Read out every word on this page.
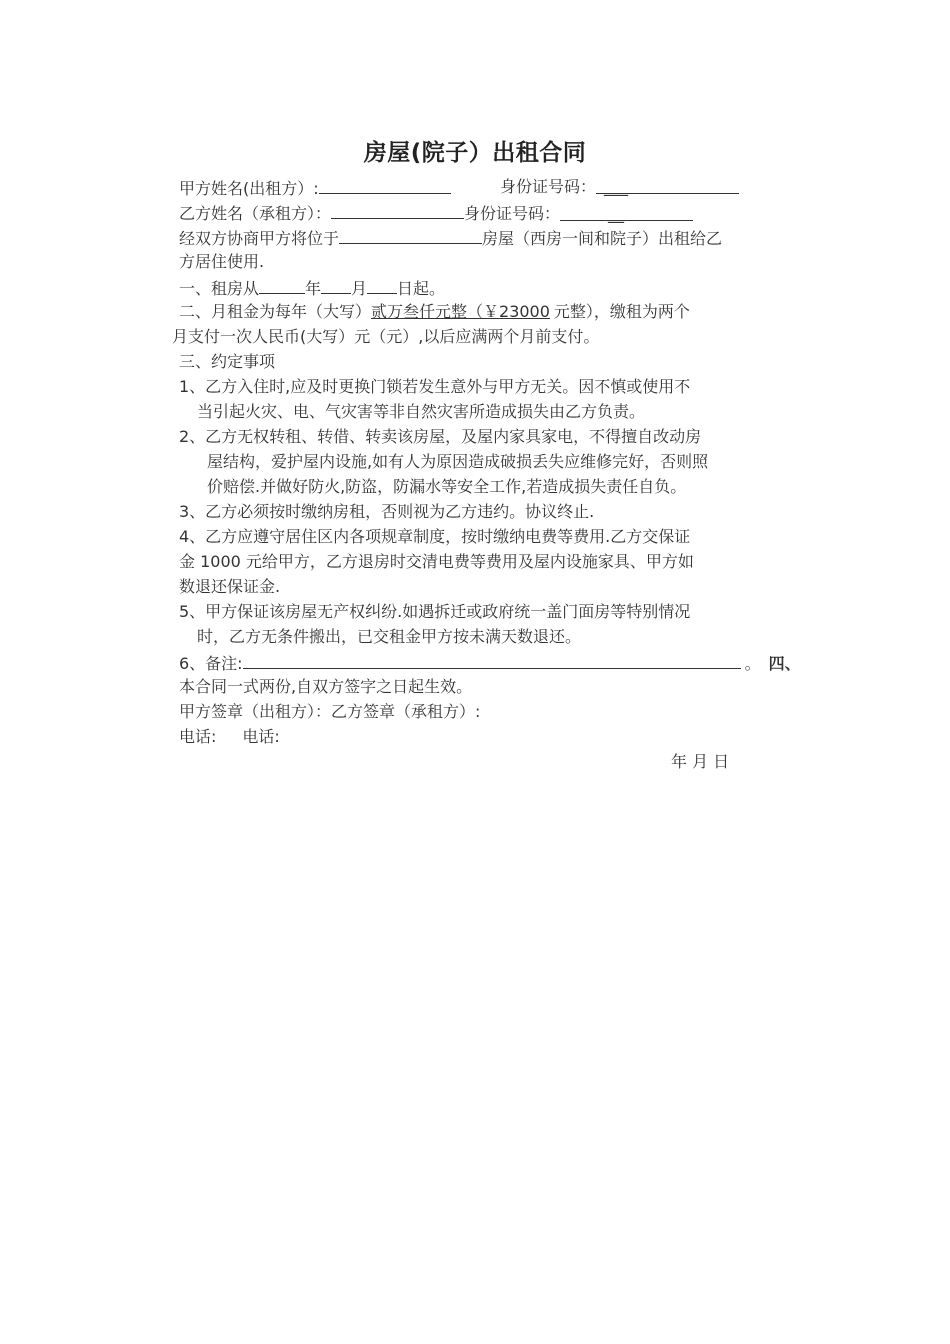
房屋(院子）出租合同
甲方姓名(出租方）:	身份证号码： ___
乙方姓名（承租方）：	身份证号码：	__
经双方协商甲方将位于	房屋（西房一间和院子）出租给乙
方居住使用.
一、租房从	年 月 日起。
二、月租金为每年（大写）贰万叁仟元整（￥23000 元整），缴租为两个
月支付一次人民币(大写）元（元）,以后应满两个月前支付。
三、约定事项
1、乙方入住时,应及时更换门锁若发生意外与甲方无关。因不慎或使用不
当引起火灾、电、气灾害等非自然灾害所造成损失由乙方负责。
2、乙方无权转租、转借、转卖该房屋，及屋内家具家电，不得擅自改动房
屋结构，爱护屋内设施,如有人为原因造成破损丢失应维修完好，否则照
价赔偿.并做好防火,防盗，防漏水等安全工作,若造成损失责任自负。
3、乙方必须按时缴纳房租，否则视为乙方违约。协议终止.
4、乙方应遵守居住区内各项规章制度，按时缴纳电费等费用.乙方交保证
金 1000 元给甲方，乙方退房时交清电费等费用及屋内设施家具、甲方如
数退还保证金.
5、甲方保证该房屋无产权纠纷.如遇拆迁或政府统一盖门面房等特别情况
时，乙方无条件搬出，已交租金甲方按未满天数退还。
6、备注:	。 四、
本合同一式两份,自双方签字之日起生效。
甲方签章（出租方）：乙方签章（承租方）:
电话: 电话:
年 月 日
